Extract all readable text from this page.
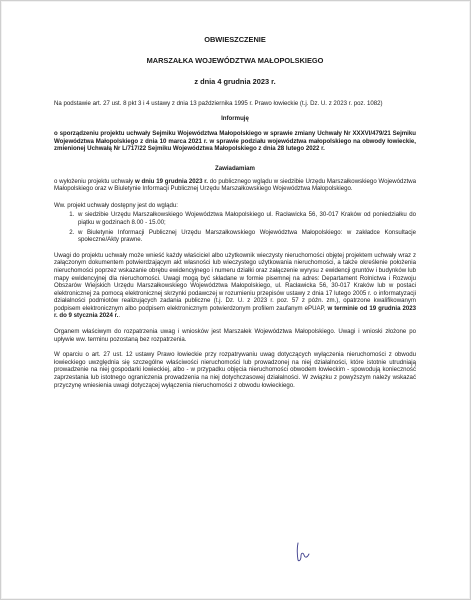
OBWIESZCZENIE

MARSZAŁKA WOJEWÓDZTWA MAŁOPOLSKIEGO

z dnia 4 grudnia 2023 r.

Na podstawie art. 27 ust. 8 pkt 3 i 4 ustawy z dnia 13 października 1995 r. Prawo łowieckie (t.j. Dz. U. z 2023 r. poz. 1082)

Informuję

o sporządzeniu projektu uchwały Sejmiku Województwa Małopolskiego w sprawie zmiany Uchwały Nr XXXVI/479/21 Sejmiku Województwa Małopolskiego z dnia 10 marca 2021 r. w sprawie podziału województwa małopolskiego na obwody łowieckie, zmienionej Uchwałą Nr L/717/22 Sejmiku Województwa Małopolskiego z dnia 28 lutego 2022 r.

Zawiadamiam

o wyłożeniu projektu uchwały w dniu 19 grudnia 2023 r. do publicznego wglądu w siedzibie Urzędu Marszałkowskiego Województwa Małopolskiego oraz w Biuletynie Informacji Publicznej Urzędu Marszałkowskiego Województwa Małopolskiego.

Ww. projekt uchwały dostępny jest do wglądu:

1. w siedzibie Urzędu Marszałkowskiego Województwa Małopolskiego ul. Racławicka 56, 30-017 Kraków od poniedziałku do piątku w godzinach 8.00 - 15.00;
2. w Biuletynie Informacji Publicznej Urzędu Marszałkowskiego Województwa Małopolskiego: w zakładce Konsultacje społeczne/Akty prawne.

Uwagi do projektu uchwały może wnieść każdy właściciel albo użytkownik wieczysty nieruchomości objętej projektem uchwały wraz z załączonym dokumentem potwierdzającym akt własności lub wieczystego użytkowania nieruchomości, a także określenie położenia nieruchomości poprzez wskazanie obrębu ewidencyjnego i numeru działki oraz załączenie wyrysu z ewidencji gruntów i budynków lub mapy ewidencyjnej dla nieruchomości. Uwagi mogą być składane w formie pisemnej na adres: Departament Rolnictwa i Rozwoju Obszarów Wiejskich Urzędu Marszałkowskiego Województwa Małopolskiego, ul. Racławicka 56, 30-017 Kraków lub w postaci elektronicznej za pomocą elektronicznej skrzynki podawczej w rozumieniu przepisów ustawy z dnia 17 lutego 2005 r. o informatyzacji działalności podmiotów realizujących zadania publiczne (t.j. Dz. U. z 2023 r. poz. 57 z późn. zm.), opatrzone kwalifikowanym podpisem elektronicznym albo podpisem elektronicznym potwierdzonym profilem zaufanym ePUAP, w terminie od 19 grudnia 2023 r. do 9 stycznia 2024 r..

Organem właściwym do rozpatrzenia uwag i wniosków jest Marszałek Województwa Małopolskiego. Uwagi i wnioski złożone po upływie ww. terminu pozostaną bez rozpatrzenia.

W oparciu o art. 27 ust. 12 ustawy Prawo łowieckie przy rozpatrywaniu uwag dotyczących wyłączenia nieruchomości z obwodu łowieckiego uwzględnia się szczególne właściwości nieruchomości lub prowadzonej na niej działalności, które istotnie utrudniają prowadzenie na niej gospodarki łowieckiej, albo - w przypadku objęcia nieruchomości obwodem łowieckim - spowodują konieczność zaprzestania lub istotnego ograniczenia prowadzenia na niej dotychczasowej działalności. W związku z powyższym należy wskazać przyczynę wniesienia uwagi dotyczącej wyłączenia nieruchomości z obwodu łowieckiego.
